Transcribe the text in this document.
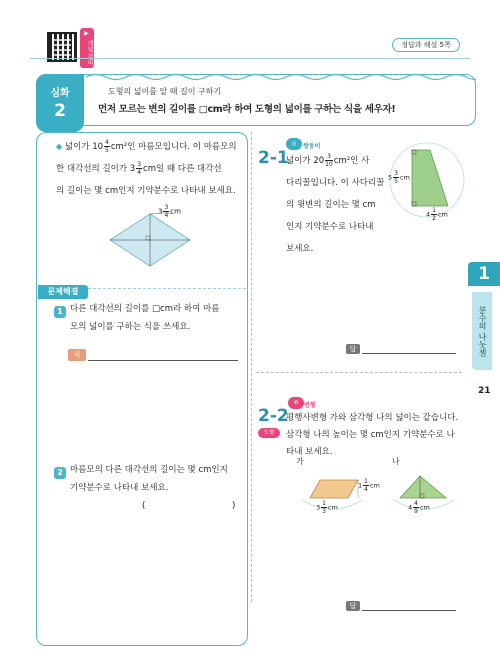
▶ 개념 강의	정답과 해설 5쪽
심화
2
도형의 넓이를 알 때 길이 구하기
먼저 모르는 변의 길이를 □cm라 하여 도형의 넓이를 구하는 식을 세우자!
◆ 넓이가 $10 \frac{4}{5} cm^2$인 마름모입니다. 이 마름모의
한 대각선의 길이가 $3 \frac{3}{4}$ cm일 때 다른 대각선
의 길이는 몇 cm인지 기약분수로 나타내 보세요.
$3 \frac{3}{4}$ cm
문제해결
1 다른 대각선의 길이를 □cm라 하여 마름
모의 넓이를 구하는 식을 쓰세요.
식
2 마름모의 다른 대각선의 길이는 몇 cm인지
기약분수로 나타내 보세요.
(	)
2-1
◎	쌍둥이
넓이가 $20 \frac{3}{10} cm^2$인 사
다리꼴입니다. 이 사다리꼴
의 윗변의 길이는 몇 cm
인지 기약분수로 나타내
보세요.
$5 \frac{3}{5}$ cm
$4 \frac{1}{2}$ cm
답
✿ 변형
2-2
도형
평행사변형 가와 삼각형 나의 넓이는 같습니다.
삼각형 나의 높이는 몇 cm인지 기약분수로 나
타내 보세요.
가	나
$1 \frac{1}{4}$ cm
$3 \frac{1}{3}$ cm	$4 \frac{4}{9}$ cm
답
1
분수의 나눗셈
21
